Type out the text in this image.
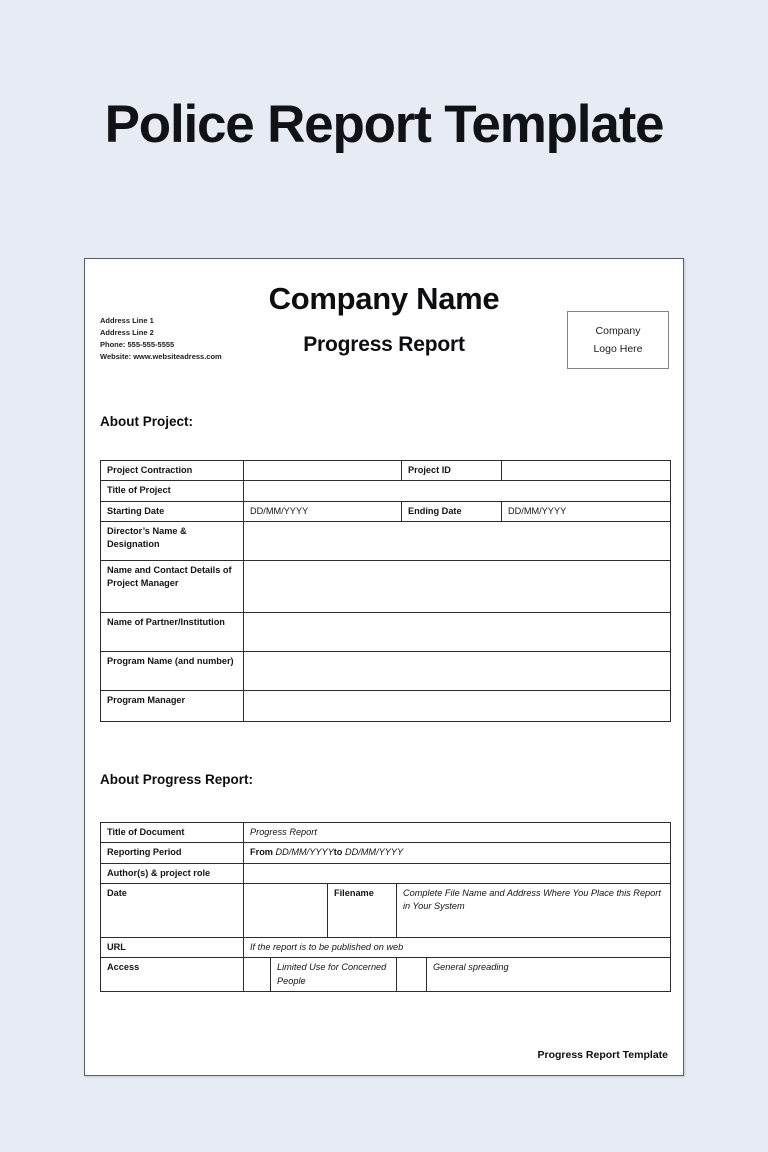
Police Report Template
Address Line 1
Address Line 2
Phone: 555-555-5555
Website: www.websiteadress.com
Company Name
Progress Report
Company
Logo Here
About Project:
Project Contraction		Project ID	
Title of Project			
Starting Date	DD/MM/YYYY	Ending Date	DD/MM/YYYY
Director’s Name & Designation			
Name and Contact Details of Project Manager			
Name of Partner/Institution			
Program Name (and number)			
Program Manager			
About Progress Report:
Title of Document	Progress Report				
Reporting Period	From DD/MM/YYYYto DD/MM/YYYY				
Author(s) & project role					
Date			Filename	Complete File Name and Address Where You Place this Report in Your System	
URL	If the report is to be published on web				
Access		Limited Use for Concerned People			General spreading
Progress Report Template
